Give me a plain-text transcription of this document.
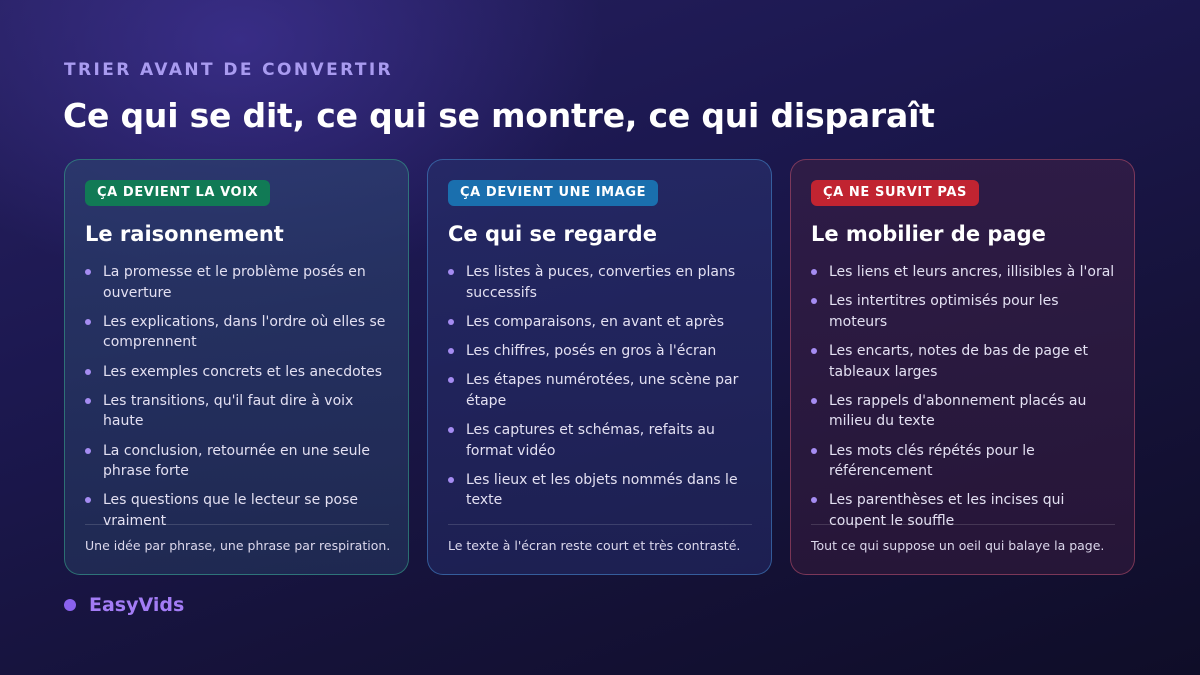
TRIER AVANT DE CONVERTIR
Ce qui se dit, ce qui se montre, ce qui disparaît
ÇA DEVIENT LA VOIX
Le raisonnement
La promesse et le problème posés en ouverture
Les explications, dans l'ordre où elles se comprennent
Les exemples concrets et les anecdotes
Les transitions, qu'il faut dire à voix haute
La conclusion, retournée en une seule phrase forte
Les questions que le lecteur se pose vraiment
Une idée par phrase, une phrase par respiration.
ÇA DEVIENT UNE IMAGE
Ce qui se regarde
Les listes à puces, converties en plans successifs
Les comparaisons, en avant et après
Les chiffres, posés en gros à l'écran
Les étapes numérotées, une scène par étape
Les captures et schémas, refaits au format vidéo
Les lieux et les objets nommés dans le texte
Le texte à l'écran reste court et très contrasté.
ÇA NE SURVIT PAS
Le mobilier de page
Les liens et leurs ancres, illisibles à l'oral
Les intertitres optimisés pour les moteurs
Les encarts, notes de bas de page et tableaux larges
Les rappels d'abonnement placés au milieu du texte
Les mots clés répétés pour le référencement
Les parenthèses et les incises qui coupent le souffle
Tout ce qui suppose un oeil qui balaye la page.
EasyVids
